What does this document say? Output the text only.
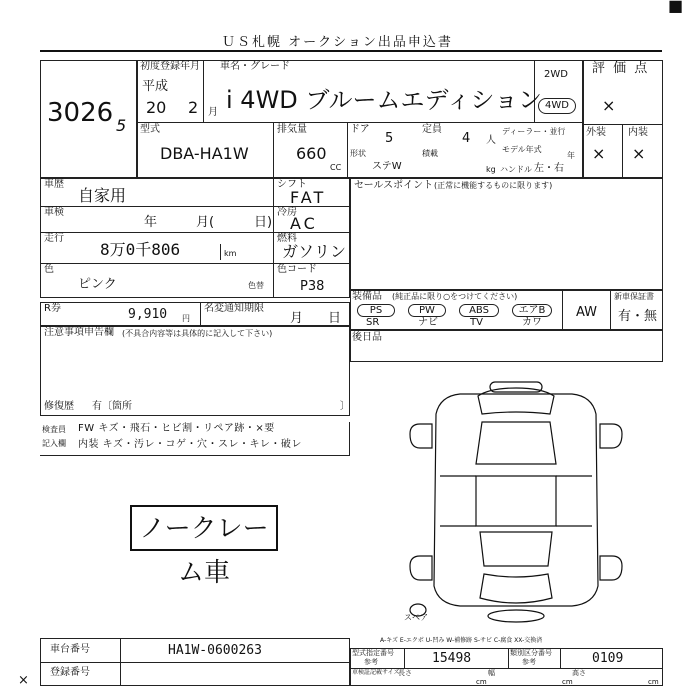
ＵＳ札幌 オークション出品申込書
■
3026 5
初度登録年月
平成
20 2 月
車名・グレード
i 4WD ブルームエディション
2WD
4WD
評 価 点
×
外装 内装
× ×
型式
DBA-HA1W
排気量
660
CC
ドア
5
定員
4 人
ディーラー・並行
モデル年式
年
形状
ステW
積載
kg ハンドル 左・右
車歴
自家用
シフト
FAT
車検
年	月(	日)
冷房
AC
走行
8万0千806	km
燃料
ガソリン
色
ピンク	色替
色コード
P38
R券	9,910 円
名変通知期限
月 日
セールスポイント (正常に機能するものに限ります)
装備品 (純正品に限り○をつけてください)
PS	PW	ABS	エアB
SR	ナビ	TV	カワ
AW
新車保証書
有・無
後日品
注意事項申告欄 (不具合内容等は具体的に記入して下さい)
修復歴 有〔箇所	〕
検査員
記入欄
FW キズ・飛石・ヒビ割・リペア跡・×要
内装 キズ・汚レ・コゲ・穴・スレ・キレ・破レ
ノークレーム車
スペア
A-キズ E-エクボ U-凹み W-補修跡 S-サビ C-腐食 XX-交換済
車台番号	HA1W-0600263
登録番号
型式指定番号
参考	15498	類別区分番号
参考	0109
車検証記載サイズ
長さ
cm
幅
cm
高さ
cm
×
